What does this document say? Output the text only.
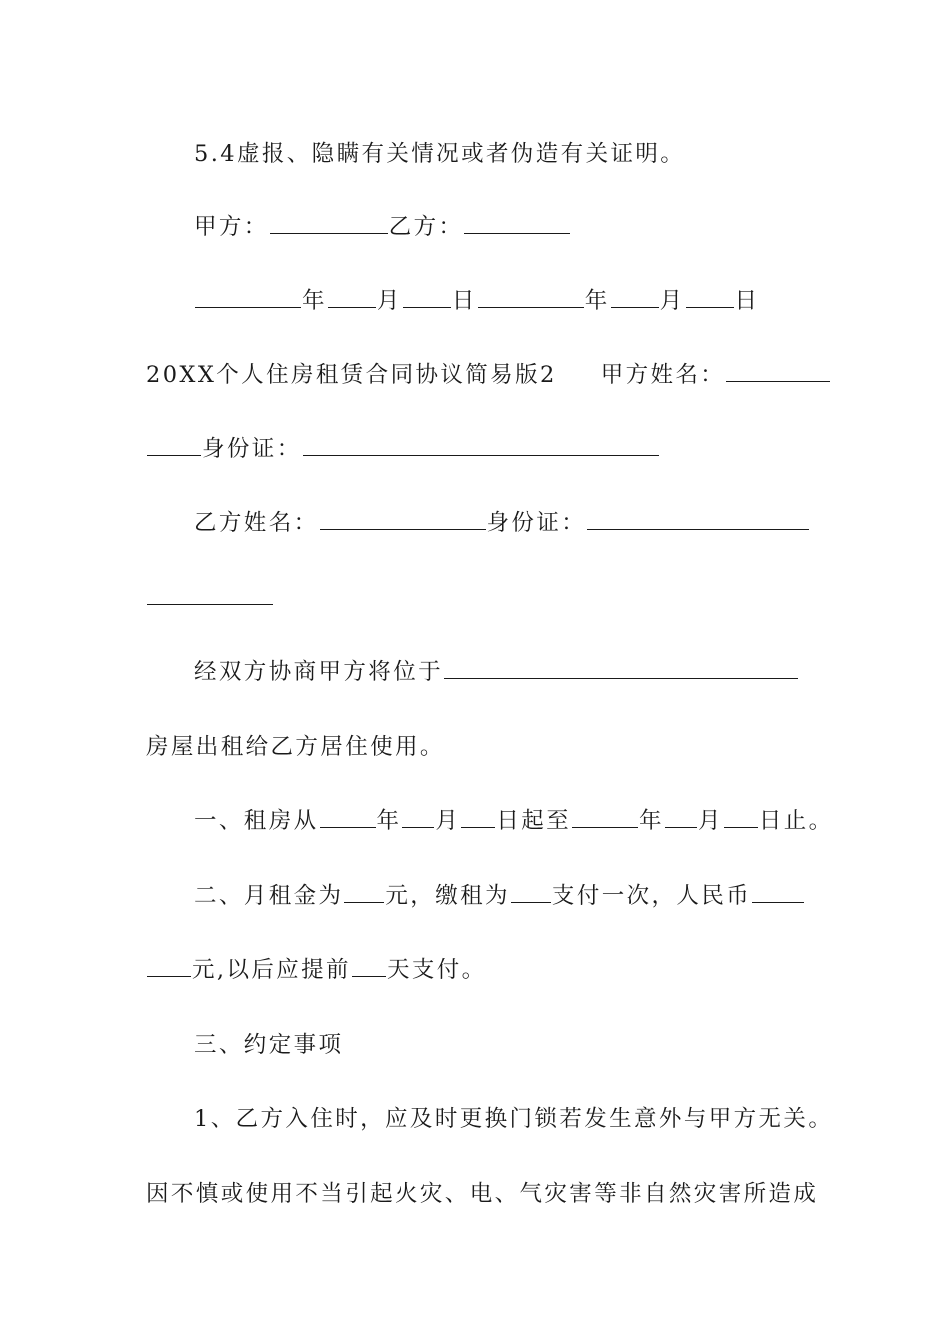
5.4虚报、隐瞒有关情况或者伪造有关证明。
甲方：	乙方：
年 月 日	年 月 日
20XX个人住房租赁合同协议简易版2 甲方姓名：
身份证：
乙方姓名：	身份证：
经双方协商甲方将位于
房屋出租给乙方居住使用。
一、租房从	年 月 日起至	年 月 日止。
二、月租金为 元，缴租为 支付一次，人民币
元,以后应提前 天支付。
三、约定事项
1、乙方入住时，应及时更换门锁若发生意外与甲方无关。
因不慎或使用不当引起火灾、电、气灾害等非自然灾害所造成
